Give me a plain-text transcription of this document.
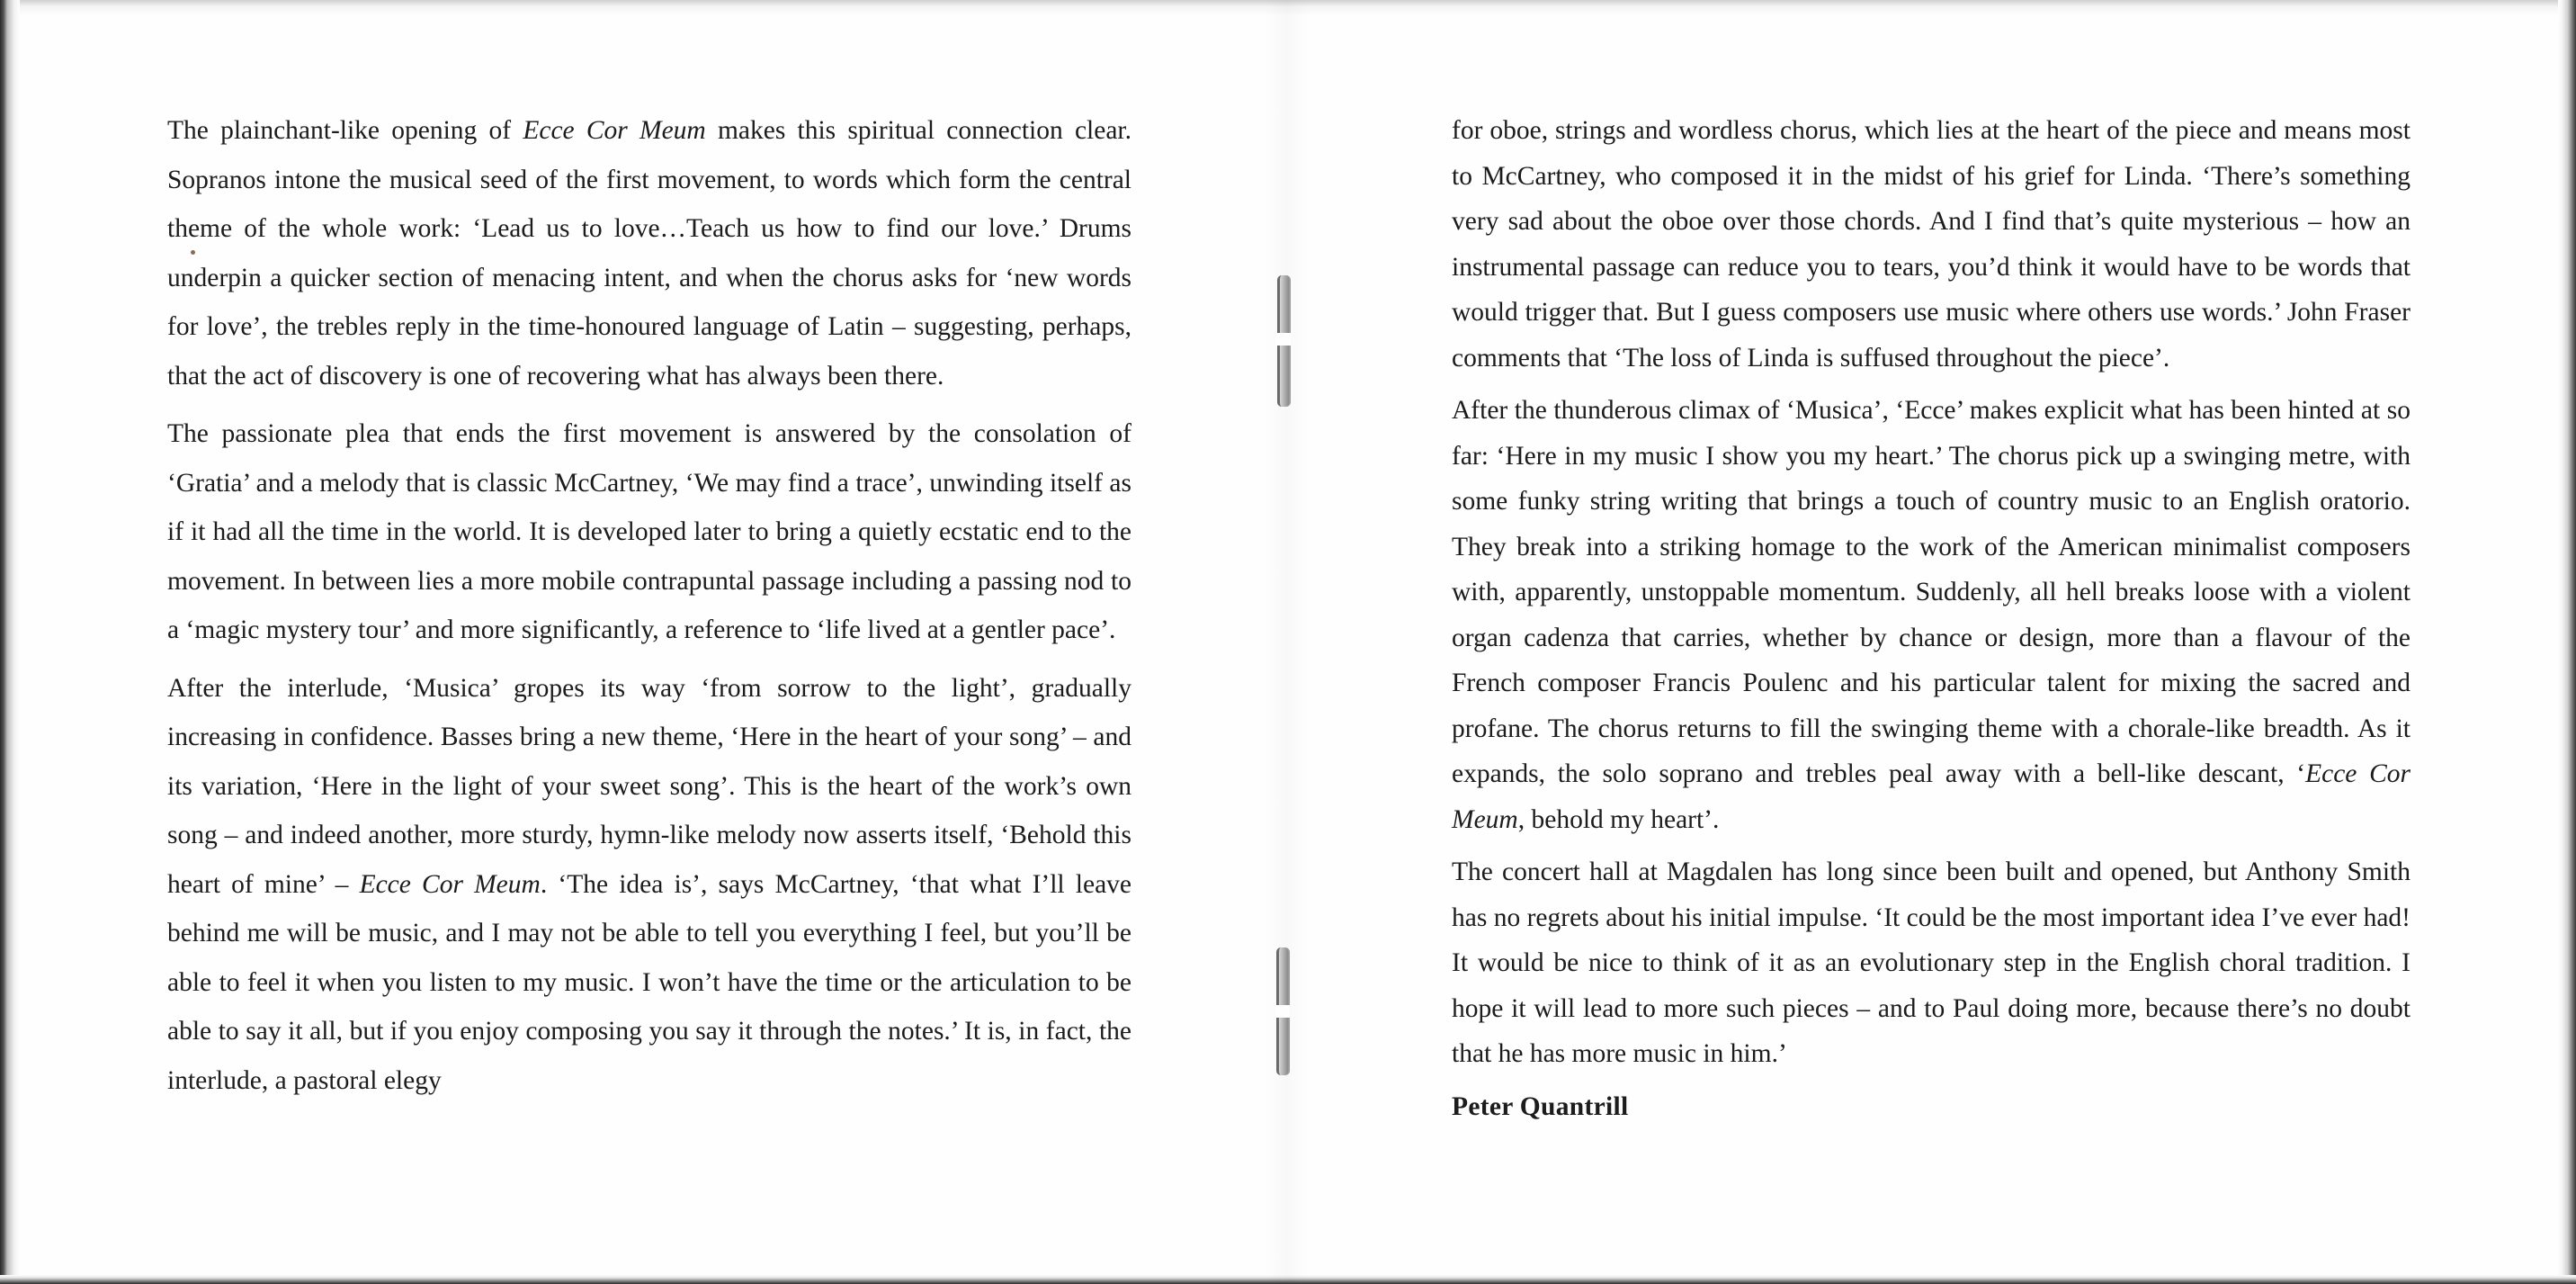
The plainchant-like opening of Ecce Cor Meum makes this spiritual connection clear. Sopranos intone the musical seed of the first movement, to words which form the central theme of the whole work: ‘Lead us to love…Teach us how to find our love.’ Drums underpin a quicker section of menacing intent, and when the chorus asks for ‘new words for love’, the trebles reply in the time-honoured language of Latin – suggesting, perhaps, that the act of discovery is one of recovering what has always been there.

The passionate plea that ends the first movement is answered by the consolation of ‘Gratia’ and a melody that is classic McCartney, ‘We may find a trace’, unwinding itself as if it had all the time in the world. It is developed later to bring a quietly ecstatic end to the movement. In between lies a more mobile contrapuntal passage including a passing nod to a ‘magic mystery tour’ and more significantly, a reference to ‘life lived at a gentler pace’.

After the interlude, ‘Musica’ gropes its way ‘from sorrow to the light’, gradually increasing in confidence. Basses bring a new theme, ‘Here in the heart of your song’ – and its variation, ‘Here in the light of your sweet song’. This is the heart of the work’s own song – and indeed another, more sturdy, hymn-like melody now asserts itself, ‘Behold this heart of mine’ – Ecce Cor Meum. ‘The idea is’, says McCartney, ‘that what I’ll leave behind me will be music, and I may not be able to tell you everything I feel, but you’ll be able to feel it when you listen to my music. I won’t have the time or the articulation to be able to say it all, but if you enjoy composing you say it through the notes.’ It is, in fact, the interlude, a pastoral elegy

for oboe, strings and wordless chorus, which lies at the heart of the piece and means most to McCartney, who composed it in the midst of his grief for Linda. ‘There’s something very sad about the oboe over those chords. And I find that’s quite mysterious – how an instrumental passage can reduce you to tears, you’d think it would have to be words that would trigger that. But I guess composers use music where others use words.’ John Fraser comments that ‘The loss of Linda is suffused throughout the piece’.

After the thunderous climax of ‘Musica’, ‘Ecce’ makes explicit what has been hinted at so far: ‘Here in my music I show you my heart.’ The chorus pick up a swinging metre, with some funky string writing that brings a touch of country music to an English oratorio. They break into a striking homage to the work of the American minimalist composers with, apparently, unstoppable momentum. Suddenly, all hell breaks loose with a violent organ cadenza that carries, whether by chance or design, more than a flavour of the French composer Francis Poulenc and his particular talent for mixing the sacred and profane. The chorus returns to fill the swinging theme with a chorale-like breadth. As it expands, the solo soprano and trebles peal away with a bell-like descant, ‘Ecce Cor Meum, behold my heart’.

The concert hall at Magdalen has long since been built and opened, but Anthony Smith has no regrets about his initial impulse. ‘It could be the most important idea I’ve ever had! It would be nice to think of it as an evolutionary step in the English choral tradition. I hope it will lead to more such pieces – and to Paul doing more, because there’s no doubt that he has more music in him.’

Peter Quantrill
